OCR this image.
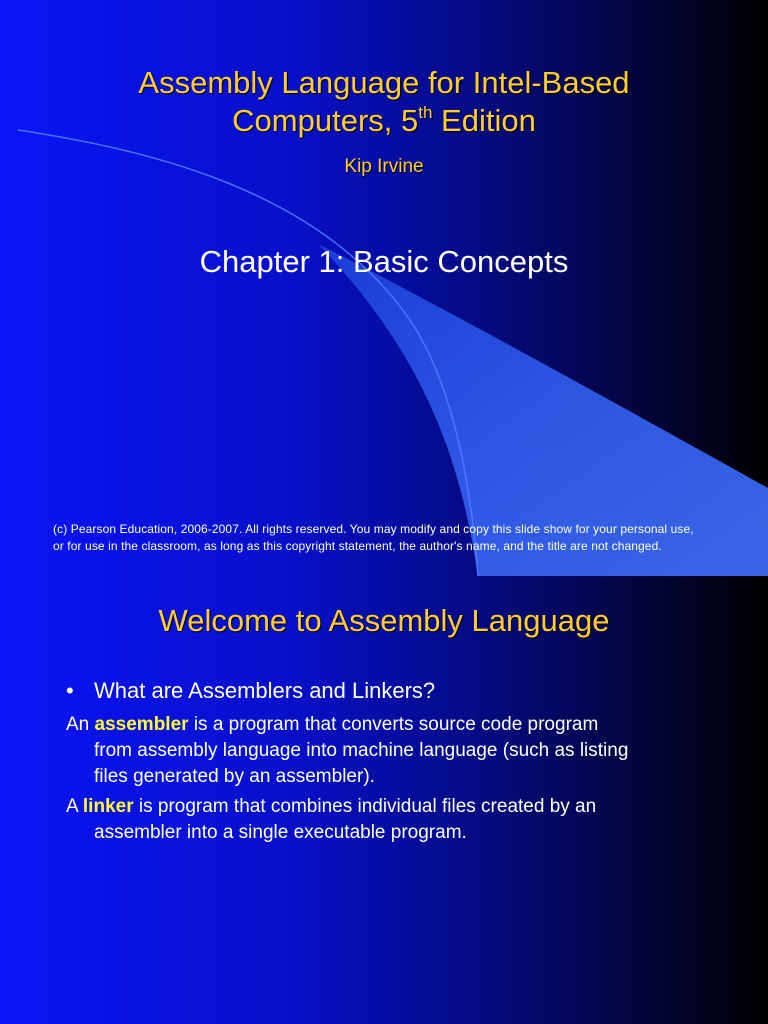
Assembly Language for Intel-Based
Computers, 5th Edition
Kip Irvine
Chapter 1: Basic Concepts
(c) Pearson Education, 2006-2007. All rights reserved. You may modify and copy this slide show for your personal use,
or for use in the classroom, as long as this copyright statement, the author's name, and the title are not changed.
Welcome to Assembly Language
• What are Assemblers and Linkers?
An assembler is a program that converts source code program
from assembly language into machine language (such as listing
files generated by an assembler).
A linker is program that combines individual files created by an
assembler into a single executable program.
